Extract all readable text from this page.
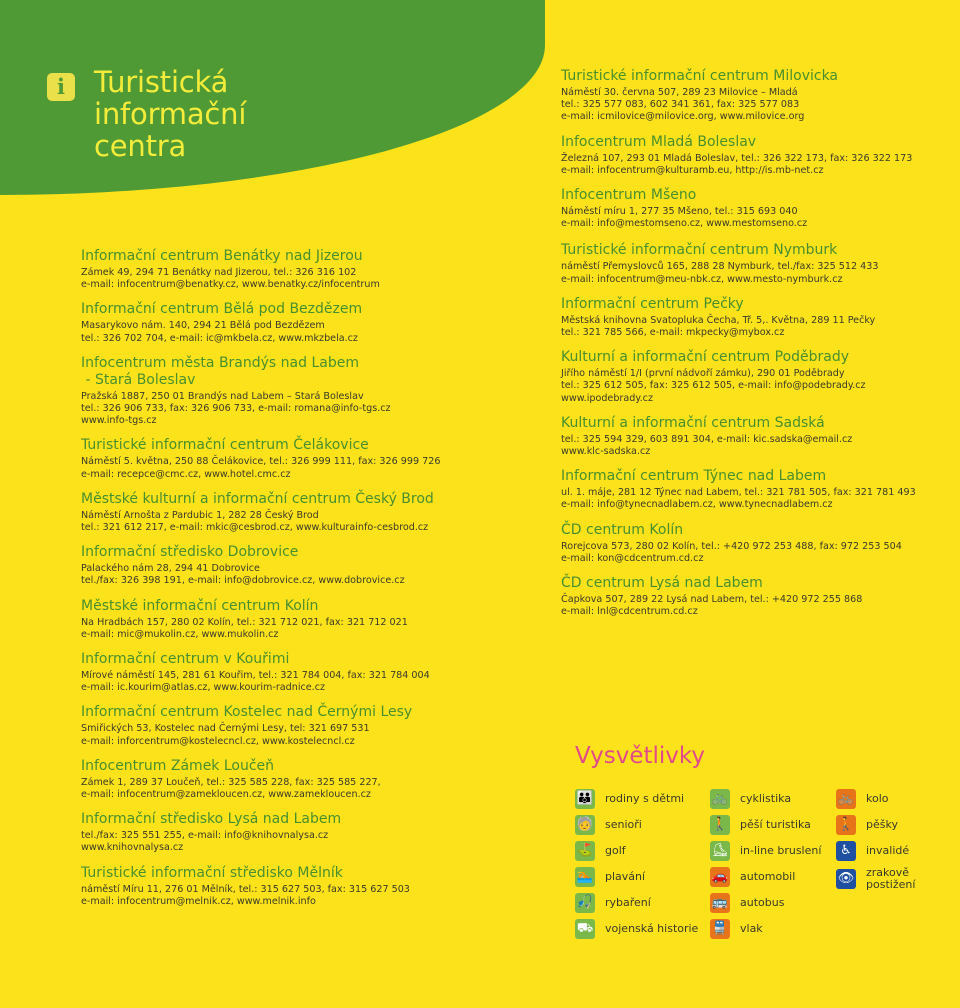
i	Turistická
informační
centra
Informační centrum Benátky nad Jizerou
Zámek 49, 294 71 Benátky nad Jizerou, tel.: 326 316 102
e-mail: infocentrum@benatky.cz, www.benatky.cz/infocentrum
Informační centrum Bělá pod Bezdězem
Masarykovo nám. 140, 294 21 Bělá pod Bezdězem
tel.: 326 702 704, e-mail: ic@mkbela.cz, www.mkzbela.cz
Infocentrum města Brandýs nad Labem
- Stará Boleslav
Pražská 1887, 250 01 Brandýs nad Labem – Stará Boleslav
tel.: 326 906 733, fax: 326 906 733, e-mail: romana@info-tgs.cz
www.info-tgs.cz
Turistické informační centrum Čelákovice
Náměstí 5. května, 250 88 Čelákovice, tel.: 326 999 111, fax: 326 999 726
e-mail: recepce@cmc.cz, www.hotel.cmc.cz
Městské kulturní a informační centrum Český Brod
Náměstí Arnošta z Pardubic 1, 282 28 Český Brod
tel.: 321 612 217, e-mail: mkic@cesbrod.cz, www.kulturainfo-cesbrod.cz
Informační středisko Dobrovice
Palackého nám 28, 294 41 Dobrovice
tel./fax: 326 398 191, e-mail: info@dobrovice.cz, www.dobrovice.cz
Městské informační centrum Kolín
Na Hradbách 157, 280 02 Kolín, tel.: 321 712 021, fax: 321 712 021
e-mail: mic@mukolin.cz, www.mukolin.cz
Informační centrum v Kouřimi
Mírové náměstí 145, 281 61 Kouřim, tel.: 321 784 004, fax: 321 784 004
e-mail: ic.kourim@atlas.cz, www.kourim-radnice.cz
Informační centrum Kostelec nad Černými Lesy
Smiřických 53, Kostelec nad Černými Lesy, tel: 321 697 531
e-mail: inforcentrum@kostelecncl.cz, www.kostelecncl.cz
Infocentrum Zámek Loučeň
Zámek 1, 289 37 Loučeň, tel.: 325 585 228, fax: 325 585 227,
e-mail: infocentrum@zamekloucen.cz, www.zamekloucen.cz
Informační středisko Lysá nad Labem
tel./fax: 325 551 255, e-mail: info@knihovnalysa.cz
www.knihovnalysa.cz
Turistické informační středisko Mělník
náměstí Míru 11, 276 01 Mělník, tel.: 315 627 503, fax: 315 627 503
e-mail: infocentrum@melnik.cz, www.melnik.info
Turistické informační centrum Milovicka
Náměstí 30. června 507, 289 23 Milovice – Mladá
tel.: 325 577 083, 602 341 361, fax: 325 577 083
e-mail: icmilovice@milovice.org, www.milovice.org
Infocentrum Mladá Boleslav
Železná 107, 293 01 Mladá Boleslav, tel.: 326 322 173, fax: 326 322 173
e-mail: infocentrum@kulturamb.eu, http://is.mb-net.cz
Infocentrum Mšeno
Náměstí míru 1, 277 35 Mšeno, tel.: 315 693 040
e-mail: info@mestomseno.cz, www.mestomseno.cz
Turistické informační centrum Nymburk
náměstí Přemyslovců 165, 288 28 Nymburk, tel./fax: 325 512 433
e-mail: infocentrum@meu-nbk.cz, www.mesto-nymburk.cz
Informační centrum Pečky
Městská knihovna Svatopluka Čecha, Tř. 5,. Května, 289 11 Pečky
tel.: 321 785 566, e-mail: mkpecky@mybox.cz
Kulturní a informační centrum Poděbrady
Jiřího náměstí 1/I (první nádvoří zámku), 290 01 Poděbrady
tel.: 325 612 505, fax: 325 612 505, e-mail: info@podebrady.cz
www.ipodebrady.cz
Kulturní a informační centrum Sadská
tel.: 325 594 329, 603 891 304, e-mail: kic.sadska@email.cz
www.klc-sadska.cz
Informační centrum Týnec nad Labem
ul. 1. máje, 281 12 Týnec nad Labem, tel.: 321 781 505, fax: 321 781 493
e-mail: info@tynecnadlabem.cz, www.tynecnadlabem.cz
ČD centrum Kolín
Rorejcova 573, 280 02 Kolín, tel.: +420 972 253 488, fax: 972 253 504
e-mail: kon@cdcentrum.cd.cz
ČD centrum Lysá nad Labem
Čapkova 507, 289 22 Lysá nad Labem, tel.: +420 972 255 868
e-mail: lnl@cdcentrum.cd.cz
Vysvětlivky
👪 rodiny s dětmi
🧓 senioři
⛳ golf
🏊 plavání
🎣 rybaření
⛟ vojenská historie
🚲 cyklistika
🚶 pěší turistika
⛸ in-line bruslení
🚗 automobil
🚌 autobus
🚆 vlak
🚲 kolo
🚶 pěšky
♿	invalidé
👁 zrakově postižení
